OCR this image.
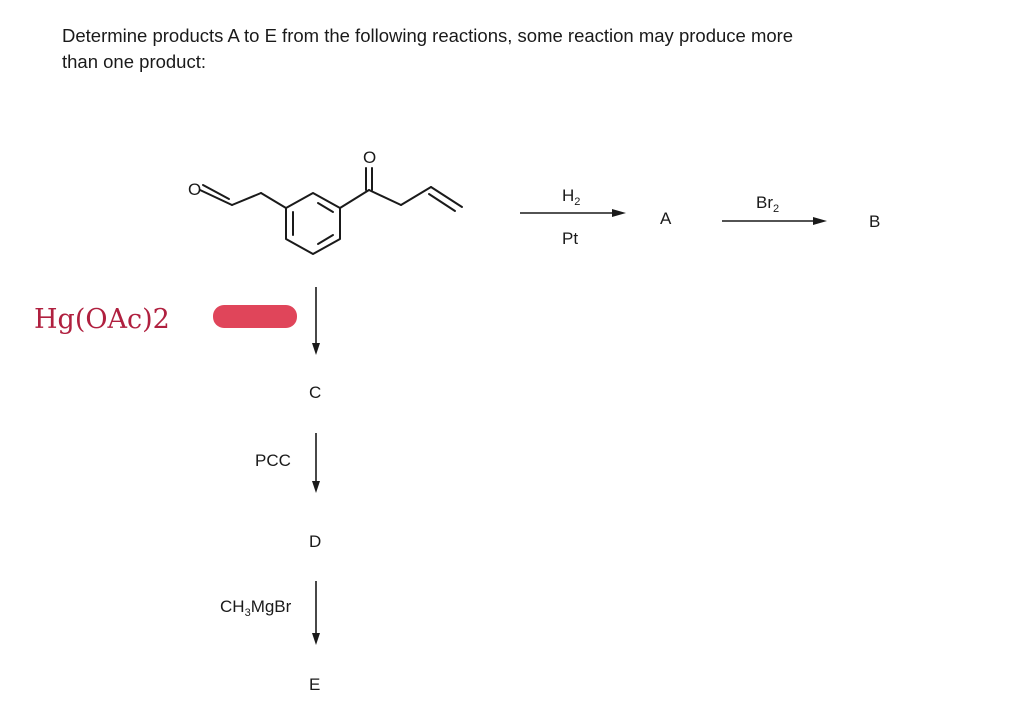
Determine products A to E from the following reactions, some reaction may produce more
than one product:
O
O
$H_2$
Pt
$Br_2$
PCC
$CH_3MgBr$
A	B
C
D
E
Hg(OAc)2
